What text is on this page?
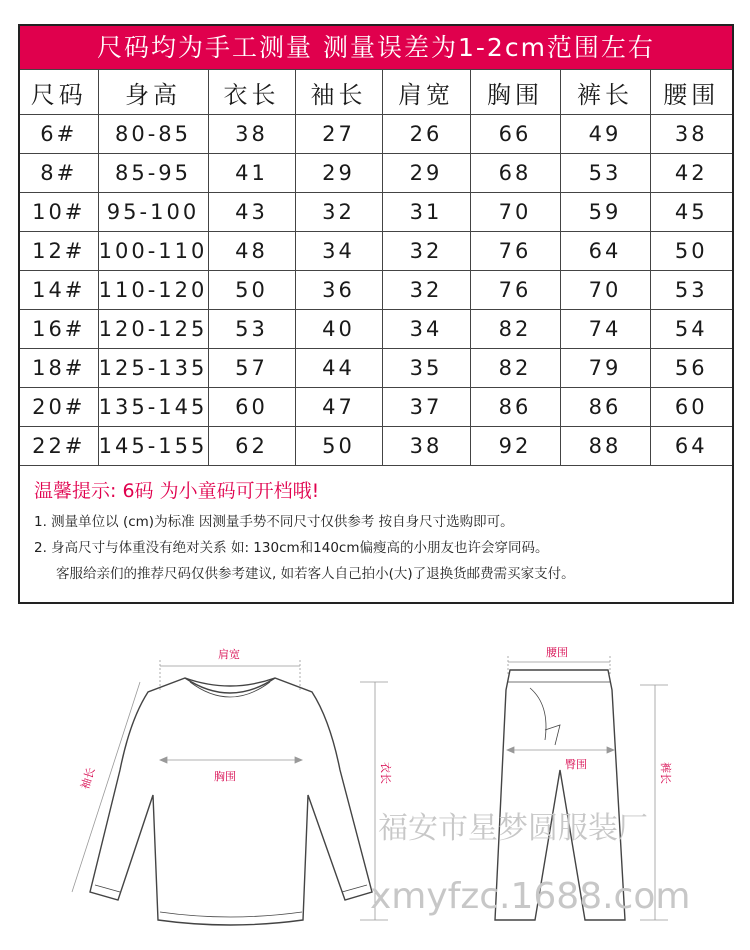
尺码均为手工测量 测量误差为1-2cm范围左右
尺码	身高	衣长	袖长	肩宽	胸围	裤长	腰围
6#	80-85	38	27	26	66	49	38
8#	85-95	41	29	29	68	53	42
10#	95-100	43	32	31	70	59	45
12#	100-110	48	34	32	76	64	50
14#	110-120	50	36	32	76	70	53
16#	120-125	53	40	34	82	74	54
18#	125-135	57	44	35	82	79	56
20#	135-145	60	47	37	86	86	60
22#	145-155	62	50	38	92	88	64
温馨提示: 6码 为小童码可开档哦!
1. 测量单位以 (cm)为标准 因测量手势不同尺寸仅供参考 按自身尺寸选购即可。
2. 身高尺寸与体重没有绝对关系 如: 130cm和140cm偏瘦高的小朋友也许会穿同码。
客服给亲们的推荐尺码仅供参考建议, 如若客人自己拍小(大)了退换货邮费需买家支付。
肩宽
胸围
袖长	衣长
腰围
臀围	裤长
福安市星梦圆服装厂
xmyfzc.1688.com
